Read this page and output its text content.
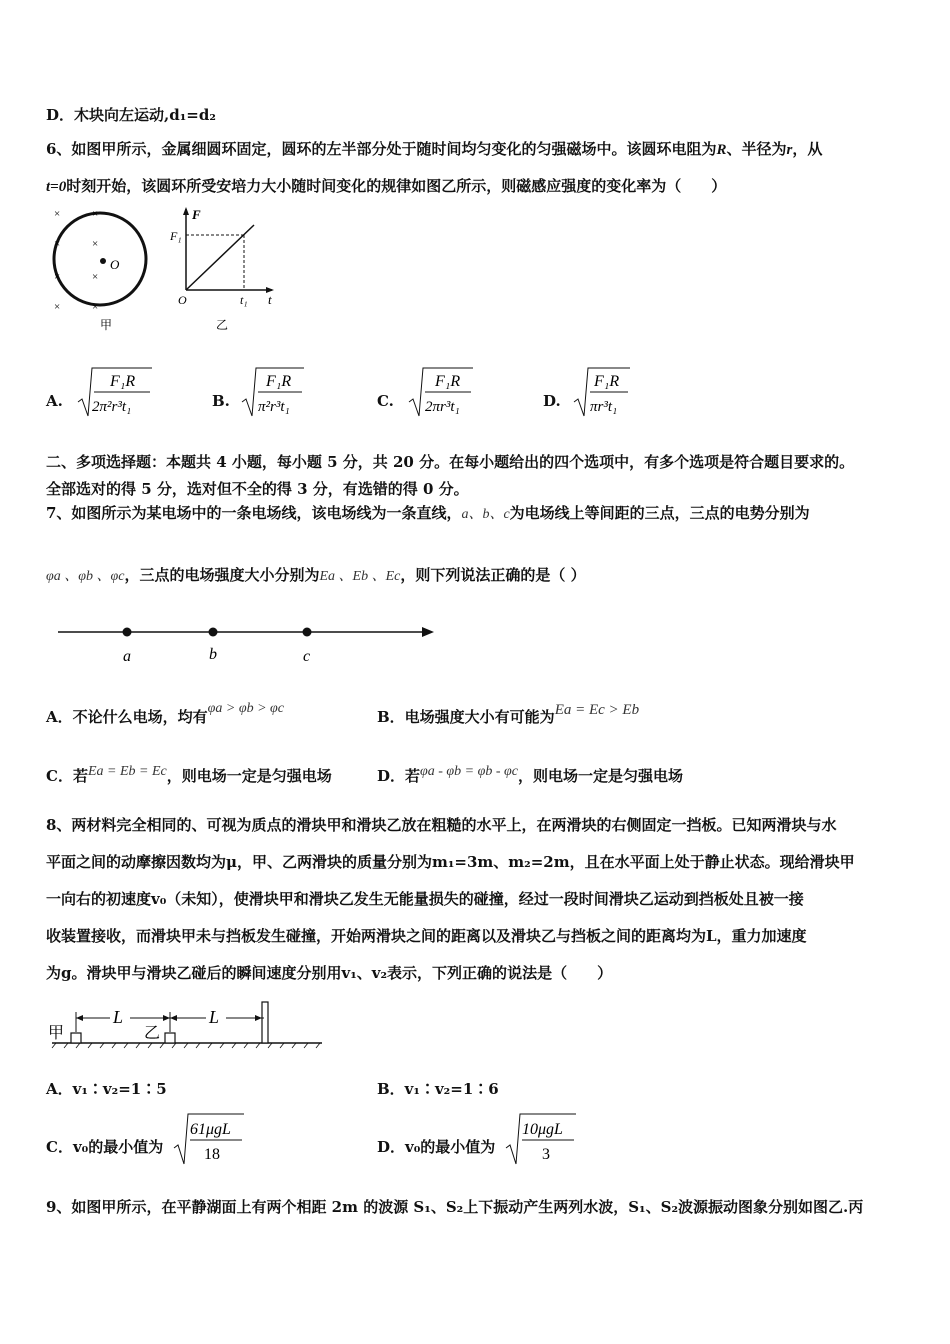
D．木块向左运动,d₁=d₂
6、如图甲所示，金属细圆环固定，圆环的左半部分处于随时间均匀变化的匀强磁场中。该圆环电阻为R、半径为r，从
t=0时刻开始，该圆环所受安培力大小随时间变化的规律如图乙所示，则磁感应强度的变化率为（　　）
O
×	×
×	×
×	×
×	×
甲
F
F₁
O	t₁ t
乙
A.
F₁R
2π²r³t₁	B.
F₁R
π²r³t₁	C.
F₁R
2πr³t₁	D.
F₁R
πr³t₁
二、多项选择题：本题共 4 小题，每小题 5 分，共 20 分。在每小题给出的四个选项中，有多个选项是符合题目要求的。
全部选对的得 5 分，选对但不全的得 3 分，有选错的得 0 分。
7、如图所示为某电场中的一条电场线，该电场线为一条直线，a、b、c为电场线上等间距的三点，三点的电势分别为
φa 、φb 、φc，三点的电场强度大小分别为Ea 、Eb 、Ec，则下列说法正确的是（ ）
a	b	c
A．不论什么电场，均有φa > φb > φc	B．电场强度大小有可能为Ea = Ec > Eb
C．若Ea = Eb = Ec，则电场一定是匀强电场	D．若φa - φb = φb - φc，则电场一定是匀强电场
8、两材料完全相同的、可视为质点的滑块甲和滑块乙放在粗糙的水平上，在两滑块的右侧固定一挡板。已知两滑块与水
平面之间的动摩擦因数均为μ，甲、乙两滑块的质量分别为m₁=3m、m₂=2m，且在水平面上处于静止状态。现给滑块甲
一向右的初速度v₀（未知），使滑块甲和滑块乙发生无能量损失的碰撞，经过一段时间滑块乙运动到挡板处且被一接
收装置接收，而滑块甲未与挡板发生碰撞，开始两滑块之间的距离以及滑块乙与挡板之间的距离均为L，重力加速度
为g。滑块甲与滑块乙碰后的瞬间速度分别用v₁、v₂表示，下列正确的说法是（　　）
甲	乙
L	L
A．v₁∶v₂=1∶5	B．v₁∶v₂=1∶6
C．v₀的最小值为
61μgL
18	D．v₀的最小值为
10μgL
3
9、如图甲所示，在平静湖面上有两个相距 2m 的波源 S₁、S₂上下振动产生两列水波，S₁、S₂波源振动图象分别如图乙.丙
